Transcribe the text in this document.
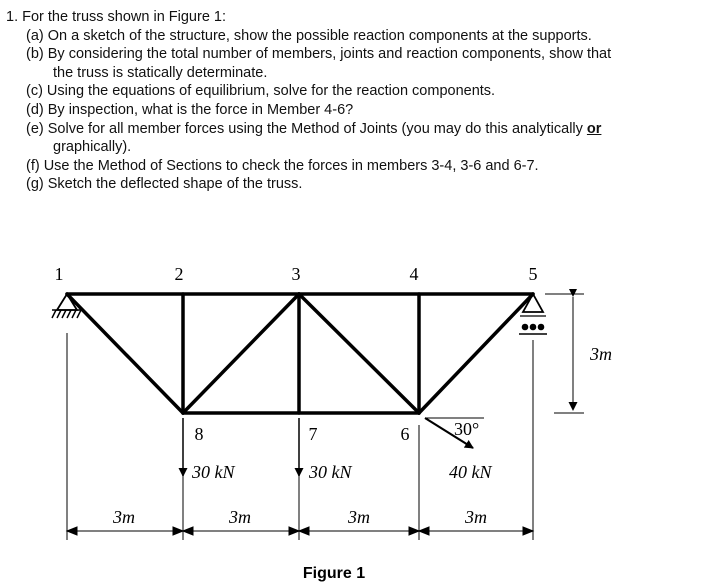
1. For the truss shown in Figure 1:
(a) On a sketch of the structure, show the possible reaction components at the supports.
(b) By considering the total number of members, joints and reaction components, show that
the truss is statically determinate.
(c) Using the equations of equilibrium, solve for the reaction components.
(d) By inspection, what is the force in Member 4-6?
(e) Solve for all member forces using the Method of Joints (you may do this analytically or
graphically).
(f) Use the Method of Sections to check the forces in members 3-4, 3-6 and 6-7.
(g) Sketch the deflected shape of the truss.
1	2	3	4	5
8	7	6 30°
30 kN	30 kN	40 kN
3m
3m	3m	3m	3m
Figure 1
